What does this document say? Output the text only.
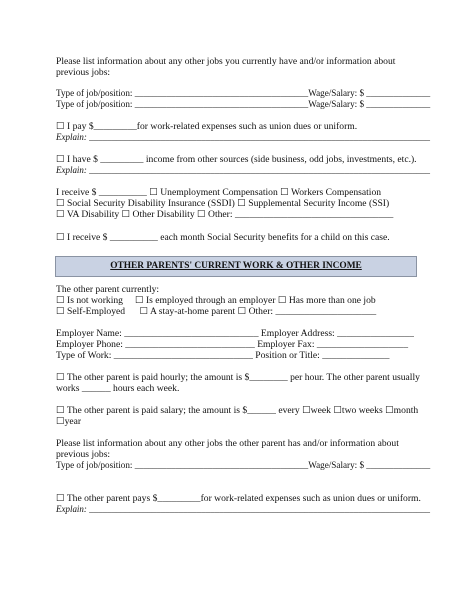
Please list information about any other jobs you currently have and/or information about
previous jobs:
Type of job/position: ______________________________________Wage/Salary: $ ______________
Type of job/position: ______________________________________Wage/Salary: $ ______________
☐ I pay $_________for work-related expenses such as union dues or uniform.
Explain: ____________________________________________________________________________
☐ I have $ _________ income from other sources (side business, odd jobs, investments, etc.).
Explain: ____________________________________________________________________________
I receive $ __________ ☐ Unemployment Compensation ☐ Workers Compensation
☐ Social Security Disability Insurance (SSDI) ☐ Supplemental Security Income (SSI)
☐ VA Disability ☐ Other Disability ☐ Other: _________________________________
☐ I receive $ __________ each month Social Security benefits for a child on this case.
OTHER PARENTS' CURRENT WORK & OTHER INCOME
The other parent currently:
☐ Is not working     ☐ Is employed through an employer ☐ Has more than one job
☐ Self-Employed      ☐ A stay-at-home parent ☐ Other: _____________________
Employer Name: ____________________________ Employer Address: ________________
Employer Phone: ___________________________ Employer Fax: ___________________
Type of Work: _____________________________ Position or Title: ______________
☐ The other parent is paid hourly; the amount is $________ per hour. The other parent usually
works ______ hours each week.
☐ The other parent is paid salary; the amount is $______ every ☐week ☐two weeks ☐month
☐year
Please list information about any other jobs the other parent has and/or information about
previous jobs:
Type of job/position: ______________________________________Wage/Salary: $ ______________
☐ The other parent pays $_________for work-related expenses such as union dues or uniform.
Explain: ____________________________________________________________________________
